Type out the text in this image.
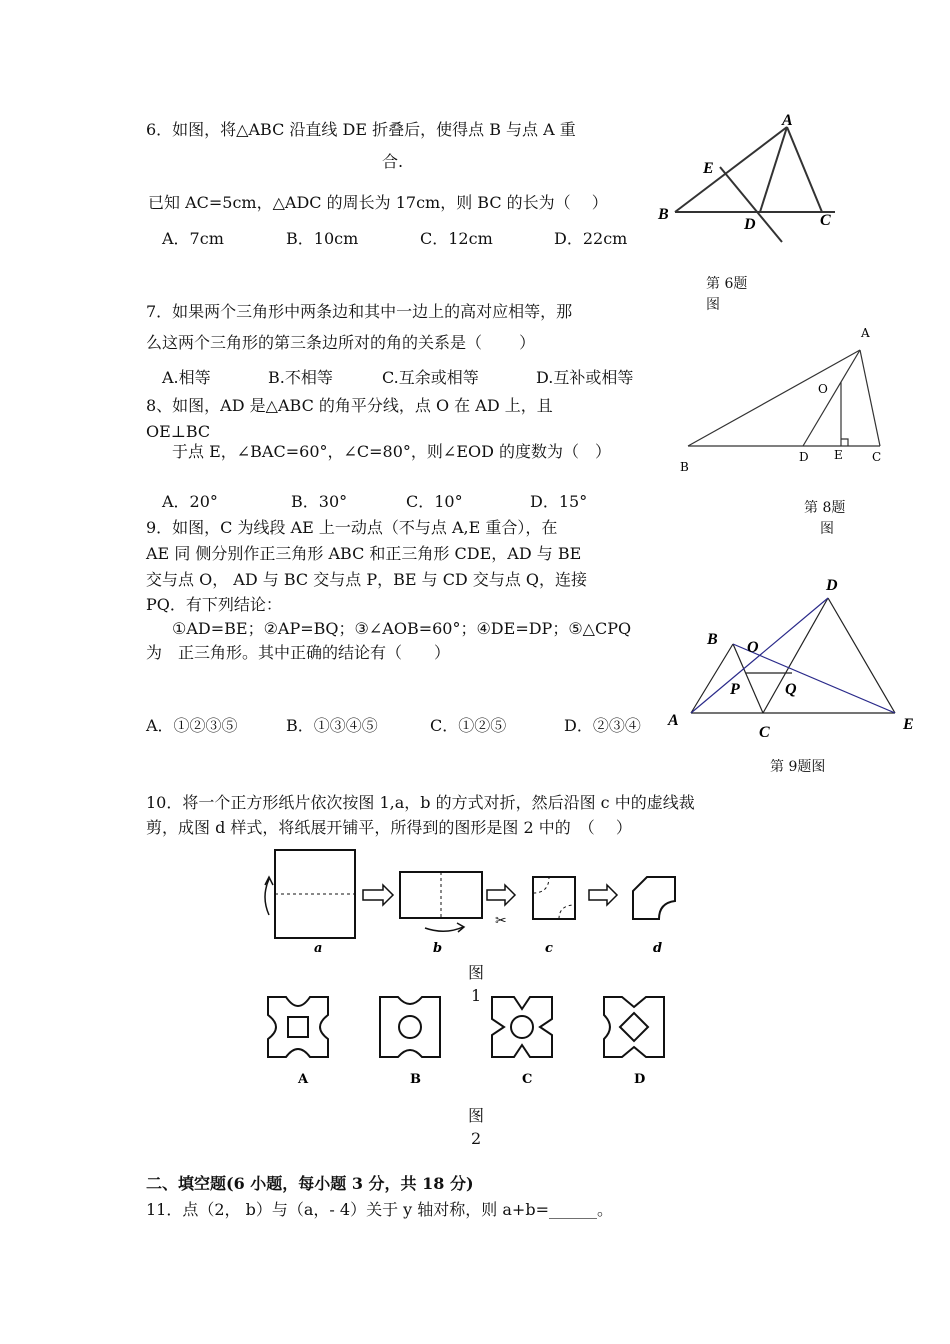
6．如图，将△ABC 沿直线 DE 折叠后，使得点 B 与点 A 重
合.
已知 AC=5cm，△ADC 的周长为 17cm，则 BC 的长为（　 ）
A．7cm	B．10cm	C．12cm	D．22cm
A
B	C
D
E
第 6题
图
7．如果两个三角形中两条边和其中一边上的高对应相等，那
么这两个三角形的第三条边所对的角的关系是（　　 ）
A.相等	B.不相等	C.互余或相等	D.互补或相等
8、如图，AD 是△ABC 的角平分线，点 O 在 AD 上，且
OE⊥BC
于点 E，∠BAC=60°，∠C=80°，则∠EOD 的度数为（　）
A．20°	B．30°	C．10°	D．15°
A
B
C
D E
O
第 8题
图
9．如图，C 为线段 AE 上一动点（不与点 A,E 重合），在
AE 同 侧分别作正三角形 ABC 和正三角形 CDE，AD 与 BE
交与点 O， AD 与 BC 交与点 P，BE 与 CD 交与点 Q，连接
PQ．有下列结论：
①AD=BE；②AP=BQ；③∠AOB=60°；④DE=DP；⑤△CPQ
为　正三角形。其中正确的结论有（　　）
A．①②③⑤	B．①③④⑤	C．①②⑤	D．②③④ A
B
C
D
E
O
P	Q
第 9题图
10．将一个正方形纸片依次按图 1,a，b 的方式对折，然后沿图 c 中的虚线裁
剪，成图 d 样式，将纸展开铺平，所得到的图形是图 2 中的　（　 ）
✂
a	b	c	d
图
1
A	B	C	D
图
2
二、填空题(6 小题，每小题 3 分，共 18 分)
11．点（2， b）与（a，- 4）关于 y 轴对称，则 a+b=______。
